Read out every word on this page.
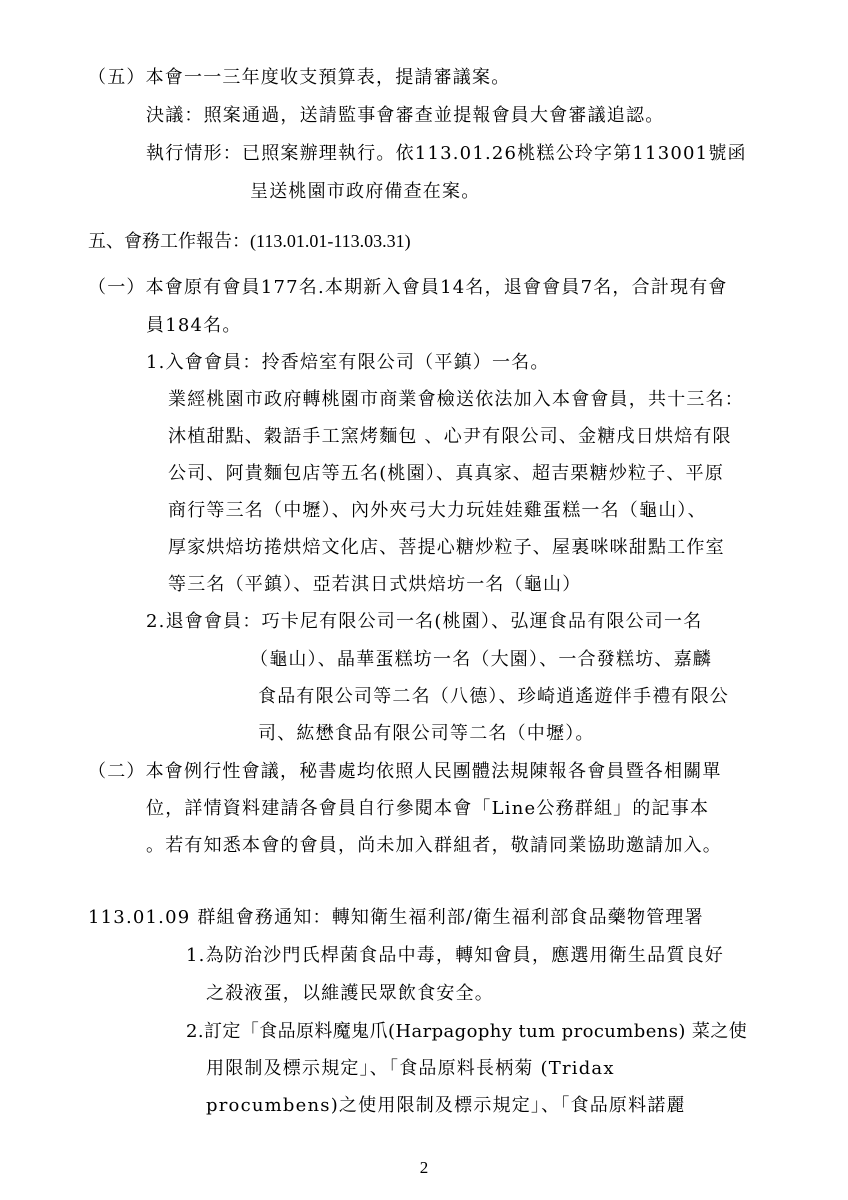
（五）本會一一三年度收支預算表，提請審議案。
決議：照案通過，送請監事會審查並提報會員大會審議追認。
執行情形：已照案辦理執行。依113.01.26桃糕公玲字第113001號函
呈送桃園市政府備查在案。
五、會務工作報告：(113.01.01-113.03.31)
（一）本會原有會員177名.本期新入會員14名，退會會員7名，合計現有會
員184名。
1.入會會員：拎香焙室有限公司（平鎮）一名。
業經桃園市政府轉桃園市商業會檢送依法加入本會會員，共十三名：
沐植甜點、穀語手工窯烤麵包 、心尹有限公司、金糖戌日烘焙有限
公司、阿貴麵包店等五名(桃園）、真真家、超吉栗糖炒粒子、平原
商行等三名（中壢）、內外夾弓大力玩娃娃雞蛋糕一名（龜山）、
厚家烘焙坊捲烘焙文化店、菩提心糖炒粒子、屋裏咪咪甜點工作室
等三名（平鎮）、亞若淇日式烘焙坊一名（龜山）
2.退會會員：巧卡尼有限公司一名(桃園）、弘運食品有限公司一名
（龜山）、晶華蛋糕坊一名（大園）、一合發糕坊、嘉麟
食品有限公司等二名（八德）、珍崎逍遙遊伴手禮有限公
司、紘懋食品有限公司等二名（中壢）。
（二）本會例行性會議，秘書處均依照人民團體法規陳報各會員暨各相關單
位，詳情資料建請各會員自行參閱本會「Line公務群組」的記事本
。若有知悉本會的會員，尚未加入群組者，敬請同業協助邀請加入。
113.01.09 群組會務通知：轉知衛生福利部/衛生福利部食品藥物管理署
1.為防治沙門氏桿菌食品中毒，轉知會員，應選用衛生品質良好
之殺液蛋，以維護民眾飲食安全。
2.訂定「食品原料魔鬼爪(Harpagophy tum procumbens) 菜之使
用限制及標示規定」、「食品原料長柄菊 (Tridax
procumbens)之使用限制及標示規定」、「食品原料諾麗
2
